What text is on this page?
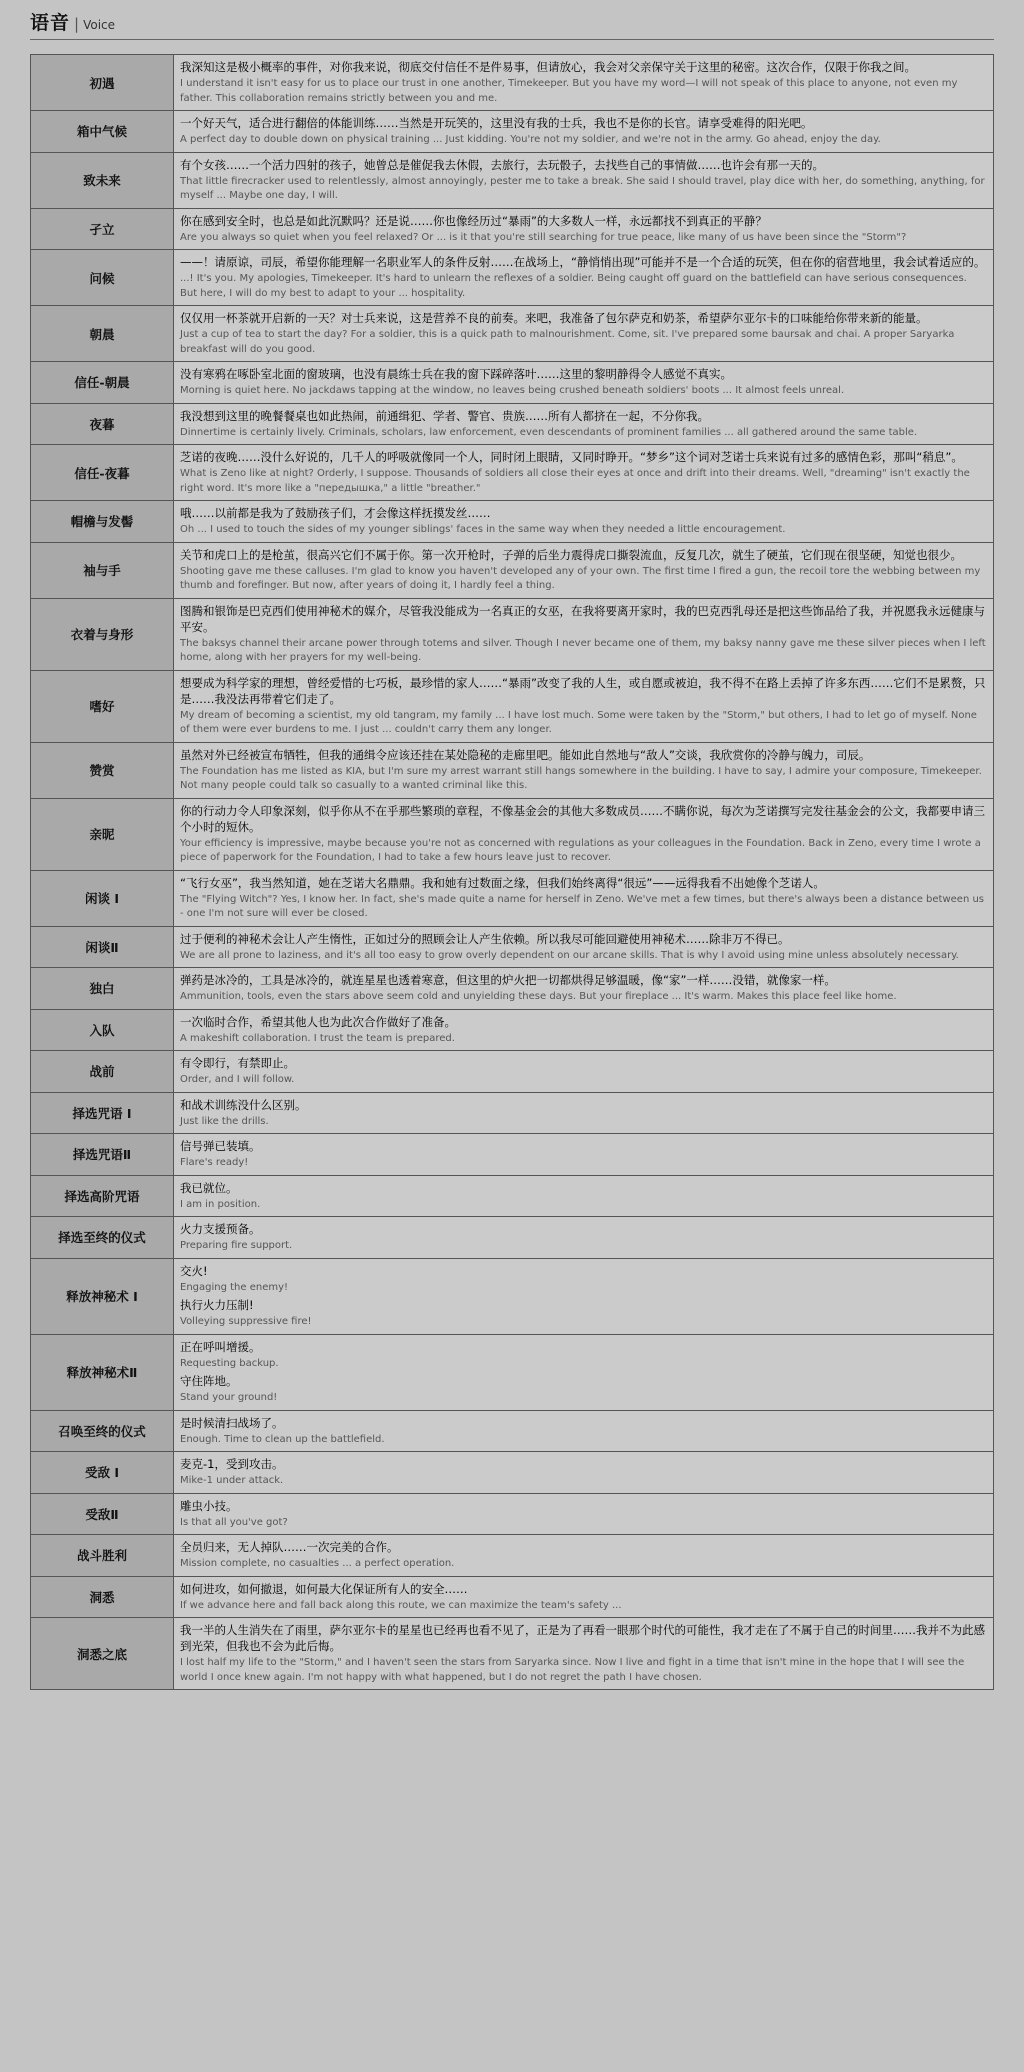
语音 | Voice
初遇	我深知这是极小概率的事件，对你我来说，彻底交付信任不是件易事，但请放心，我会对父亲保守关于这里的秘密。这次合作，仅限于你我之间。
I understand it isn't easy for us to place our trust in one another, Timekeeper. But you have my word—I will not speak of this place to anyone, not even my father. This collaboration remains strictly between you and me.

箱中气候	一个好天气，适合进行翻倍的体能训练……当然是开玩笑的，这里没有我的士兵，我也不是你的长官。请享受难得的阳光吧。
A perfect day to double down on physical training ... Just kidding. You're not my soldier, and we're not in the army. Go ahead, enjoy the day.

致未来	有个女孩……一个活力四射的孩子，她曾总是催促我去休假，去旅行，去玩骰子，去找些自己的事情做……也许会有那一天的。
That little firecracker used to relentlessly, almost annoyingly, pester me to take a break. She said I should travel, play dice with her, do something, anything, for myself ... Maybe one day, I will.

孑立	你在感到安全时，也总是如此沉默吗？还是说……你也像经历过“暴雨”的大多数人一样，永远都找不到真正的平静？
Are you always so quiet when you feel relaxed? Or ... is it that you're still searching for true peace, like many of us have been since the "Storm"?

问候	——！请原谅，司辰，希望你能理解一名职业军人的条件反射……在战场上，“静悄悄出现”可能并不是一个合适的玩笑，但在你的宿营地里，我会试着适应的。
...! It's you. My apologies, Timekeeper. It's hard to unlearn the reflexes of a soldier. Being caught off guard on the battlefield can have serious consequences. But here, I will do my best to adapt to your ... hospitality.

朝晨	仅仅用一杯茶就开启新的一天？对士兵来说，这是营养不良的前奏。来吧，我准备了包尔萨克和奶茶，希望萨尔亚尔卡的口味能给你带来新的能量。
Just a cup of tea to start the day? For a soldier, this is a quick path to malnourishment. Come, sit. I've prepared some baursak and chai. A proper Saryarka breakfast will do you good.

信任-朝晨	没有寒鸦在啄卧室北面的窗玻璃，也没有晨练士兵在我的窗下踩碎落叶……这里的黎明静得令人感觉不真实。
Morning is quiet here. No jackdaws tapping at the window, no leaves being crushed beneath soldiers' boots ... It almost feels unreal.

夜暮	我没想到这里的晚餐餐桌也如此热闹，前通缉犯、学者、警官、贵族……所有人都挤在一起，不分你我。
Dinnertime is certainly lively. Criminals, scholars, law enforcement, even descendants of prominent families ... all gathered around the same table.

信任-夜暮	芝诺的夜晚……没什么好说的，几千人的呼吸就像同一个人，同时闭上眼睛，又同时睁开。“梦乡”这个词对芝诺士兵来说有过多的感情色彩，那叫“稍息”。
What is Zeno like at night? Orderly, I suppose. Thousands of soldiers all close their eyes at once and drift into their dreams. Well, "dreaming" isn't exactly the right word. It's more like a "передышка," a little "breather."

帽檐与发髻	哦……以前都是我为了鼓励孩子们，才会像这样抚摸发丝……
Oh ... I used to touch the sides of my younger siblings' faces in the same way when they needed a little encouragement.

袖与手	关节和虎口上的是枪茧，很高兴它们不属于你。第一次开枪时，子弹的后坐力震得虎口撕裂流血，反复几次，就生了硬茧，它们现在很坚硬，知觉也很少。
Shooting gave me these calluses. I'm glad to know you haven't developed any of your own. The first time I fired a gun, the recoil tore the webbing between my thumb and forefinger. But now, after years of doing it, I hardly feel a thing.

衣着与身形	图腾和银饰是巴克西们使用神秘术的媒介，尽管我没能成为一名真正的女巫，在我将要离开家时，我的巴克西乳母还是把这些饰品给了我，并祝愿我永远健康与平安。
The baksys channel their arcane power through totems and silver. Though I never became one of them, my baksy nanny gave me these silver pieces when I left home, along with her prayers for my well-being.

嗜好	想要成为科学家的理想，曾经爱惜的七巧板，最珍惜的家人……“暴雨”改变了我的人生，或自愿或被迫，我不得不在路上丢掉了许多东西……它们不是累赘，只是……我没法再带着它们走了。
My dream of becoming a scientist, my old tangram, my family ... I have lost much. Some were taken by the "Storm," but others, I had to let go of myself. None of them were ever burdens to me. I just ... couldn't carry them any longer.

赞赏	虽然对外已经被宣布牺牲，但我的通缉令应该还挂在某处隐秘的走廊里吧。能如此自然地与“敌人”交谈，我欣赏你的冷静与魄力，司辰。
The Foundation has me listed as KIA, but I'm sure my arrest warrant still hangs somewhere in the building. I have to say, I admire your composure, Timekeeper. Not many people could talk so casually to a wanted criminal like this.

亲昵	你的行动力令人印象深刻，似乎你从不在乎那些繁琐的章程，不像基金会的其他大多数成员……不瞒你说，每次为芝诺撰写完发往基金会的公文，我都要申请三个小时的短休。
Your efficiency is impressive, maybe because you're not as concerned with regulations as your colleagues in the Foundation. Back in Zeno, every time I wrote a piece of paperwork for the Foundation, I had to take a few hours leave just to recover.

闲谈 I	“飞行女巫”，我当然知道，她在芝诺大名鼎鼎。我和她有过数面之缘，但我们始终离得“很远”——远得我看不出她像个芝诺人。
The "Flying Witch"? Yes, I know her. In fact, she's made quite a name for herself in Zeno. We've met a few times, but there's always been a distance between us - one I'm not sure will ever be closed.

闲谈Ⅱ	过于便利的神秘术会让人产生惰性，正如过分的照顾会让人产生依赖。所以我尽可能回避使用神秘术……除非万不得已。
We are all prone to laziness, and it's all too easy to grow overly dependent on our arcane skills. That is why I avoid using mine unless absolutely necessary.

独白	弹药是冰冷的，工具是冰冷的，就连星星也透着寒意，但这里的炉火把一切都烘得足够温暖，像“家”一样……没错，就像家一样。
Ammunition, tools, even the stars above seem cold and unyielding these days. But your fireplace ... It's warm. Makes this place feel like home.

入队	一次临时合作，希望其他人也为此次合作做好了准备。
A makeshift collaboration. I trust the team is prepared.

战前	有令即行，有禁即止。
Order, and I will follow.

择选咒语 I	和战术训练没什么区别。
Just like the drills.

择选咒语Ⅱ	信号弹已装填。
Flare's ready!

择选高阶咒语	我已就位。
I am in position.

择选至终的仪式	火力支援预备。
Preparing fire support.

释放神秘术 I	交火!
Engaging the enemy!
执行火力压制!
Volleying suppressive fire!

释放神秘术Ⅱ	正在呼叫增援。
Requesting backup.
守住阵地。
Stand your ground!

召唤至终的仪式	是时候清扫战场了。
Enough. Time to clean up the battlefield.

受敌 I	麦克-1，受到攻击。
Mike-1 under attack.

受敌Ⅱ	雕虫小技。
Is that all you've got?

战斗胜利	全员归来，无人掉队……一次完美的合作。
Mission complete, no casualties ... a perfect operation.

洞悉	如何进攻，如何撤退，如何最大化保证所有人的安全……
If we advance here and fall back along this route, we can maximize the team's safety ...

洞悉之底	我一半的人生消失在了雨里，萨尔亚尔卡的星星也已经再也看不见了，正是为了再看一眼那个时代的可能性，我才走在了不属于自己的时间里……我并不为此感到光荣，但我也不会为此后悔。
I lost half my life to the "Storm," and I haven't seen the stars from Saryarka since. Now I live and fight in a time that isn't mine in the hope that I will see the world I once knew again. I'm not happy with what happened, but I do not regret the path I have chosen.
